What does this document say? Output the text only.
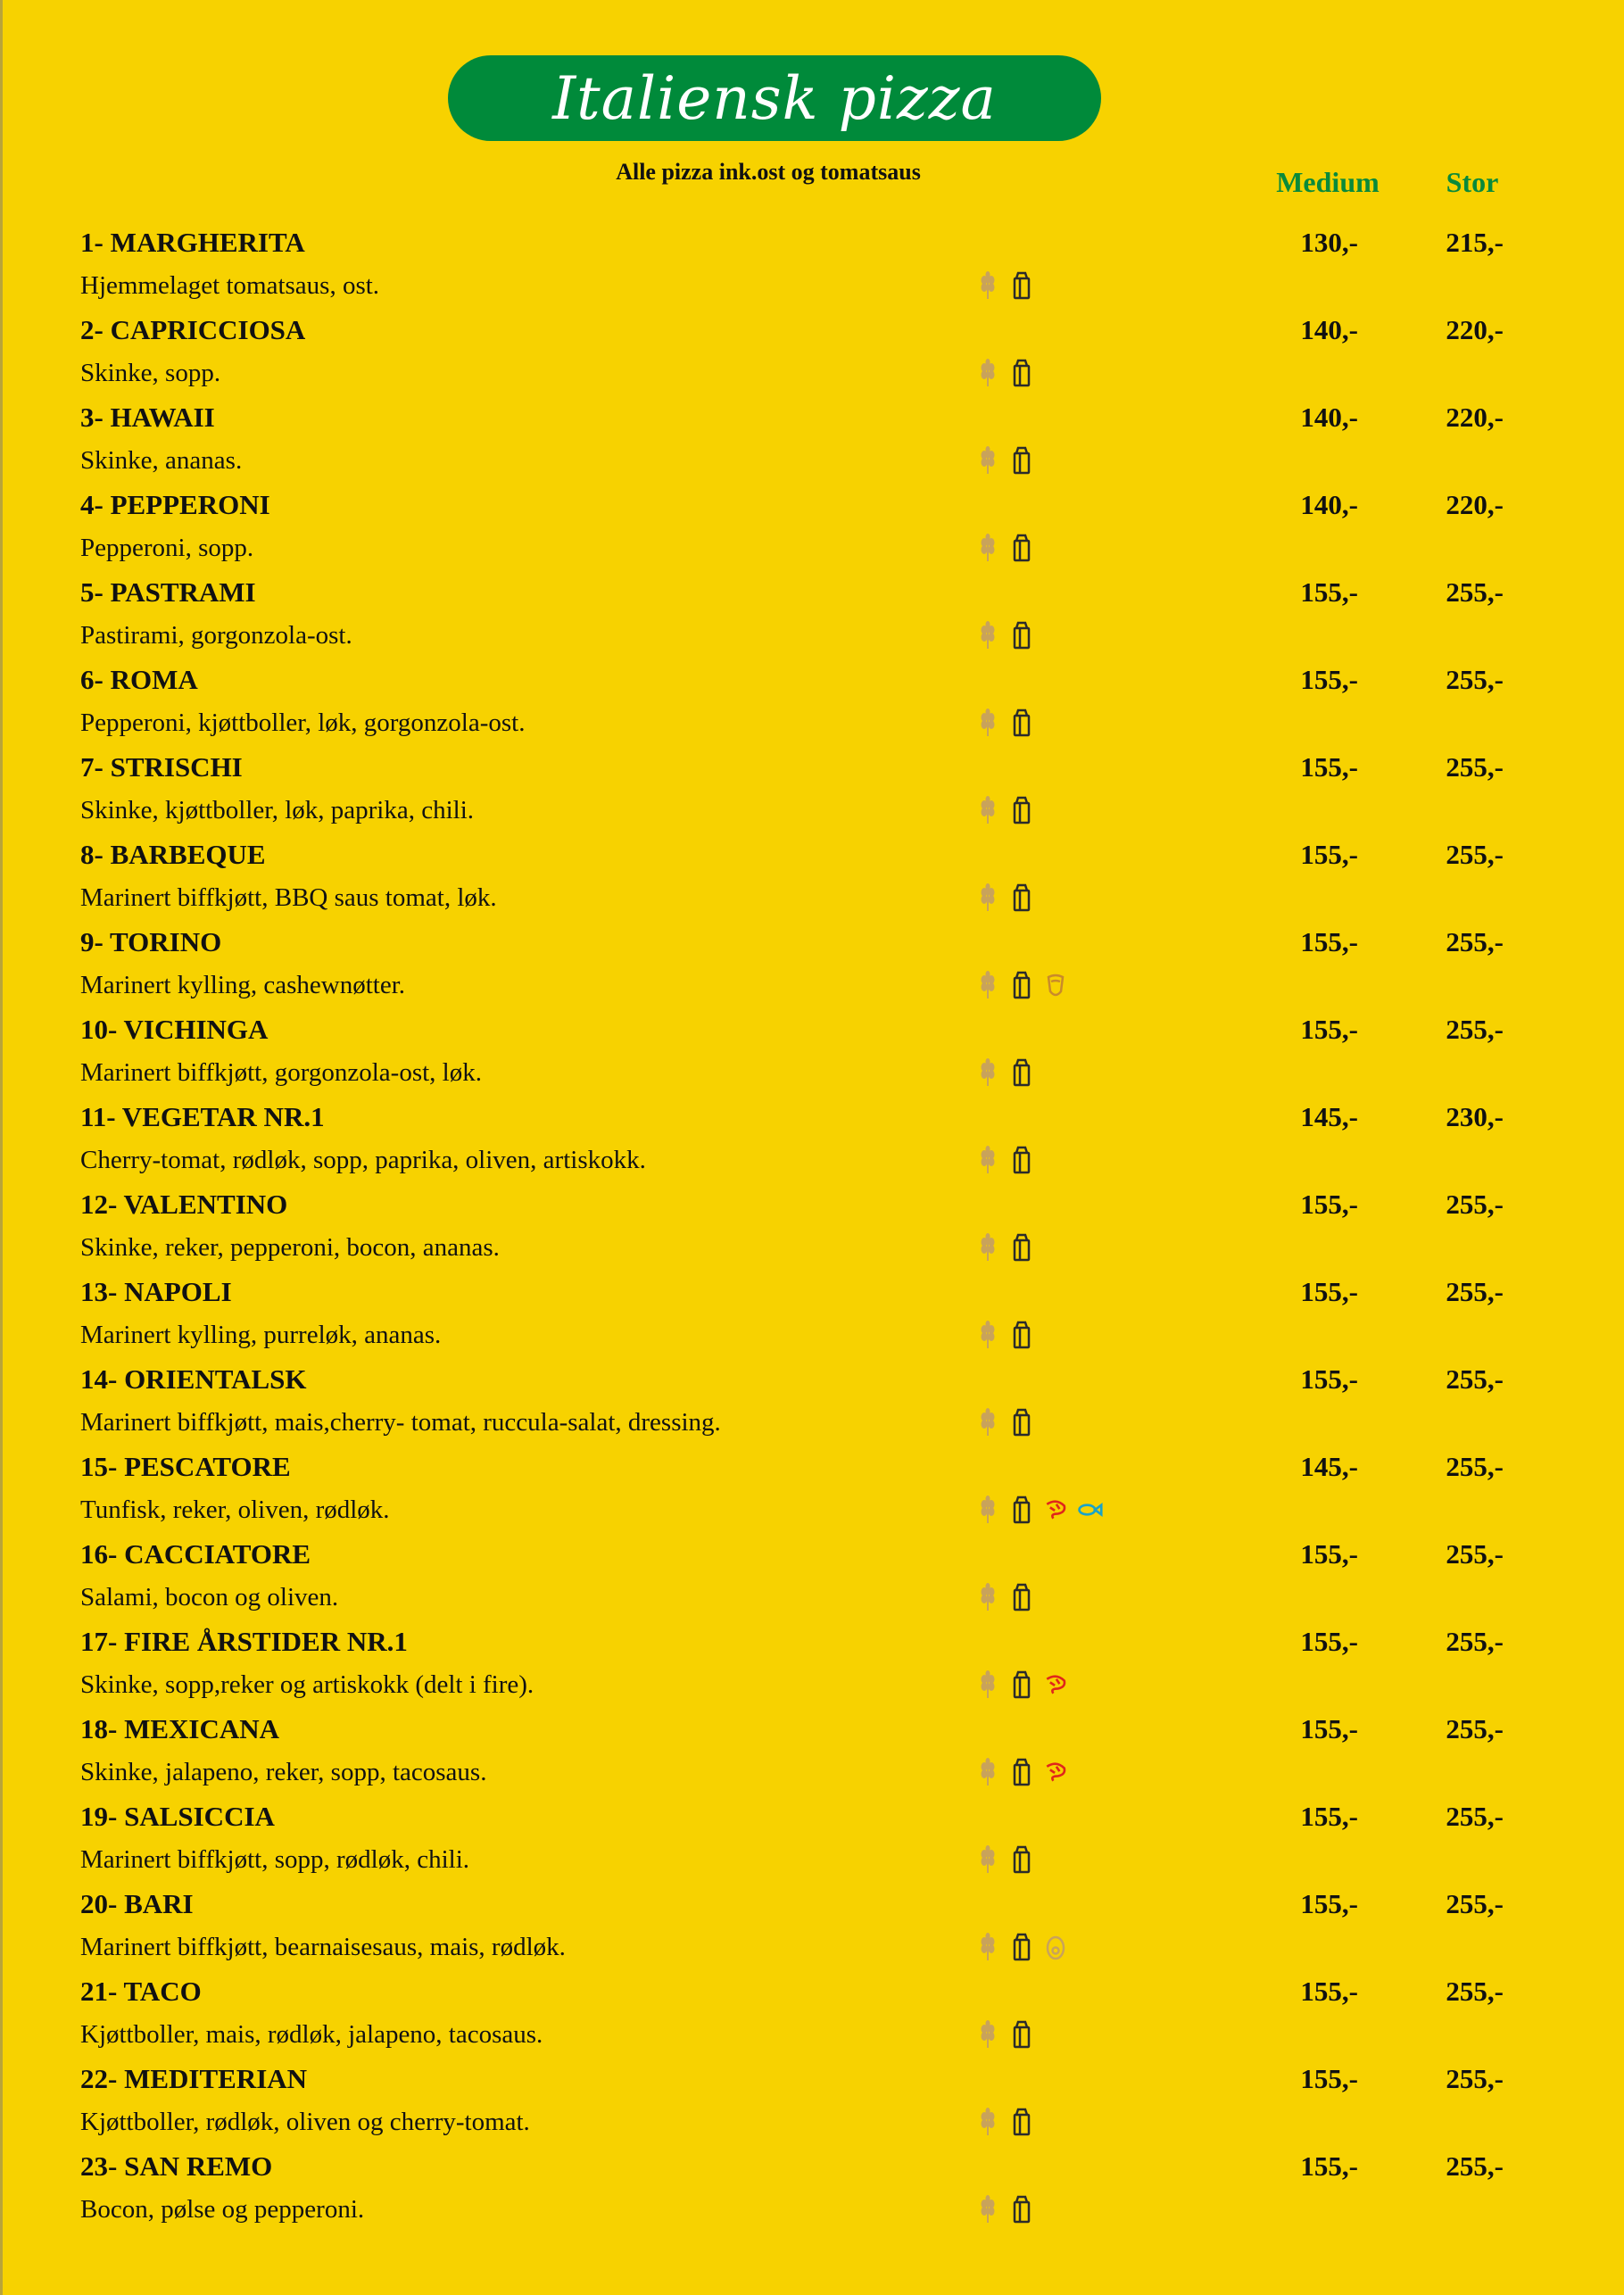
Italiensk pizza
Alle pizza ink.ost og tomatsaus	Medium	Stor
1- MARGHERITA
Hjemmelaget tomatsaus, ost.
130,-	215,-
2- CAPRICCIOSA
Skinke, sopp.
140,-	220,-
3- HAWAII
Skinke, ananas.
140,-	220,-
4- PEPPERONI
Pepperoni, sopp.
140,-	220,-
5- PASTRAMI
Pastirami, gorgonzola-ost.
155,-	255,-
6- ROMA
Pepperoni, kjøttboller, løk, gorgonzola-ost.
155,-	255,-
7- STRISCHI
Skinke, kjøttboller, løk, paprika, chili.
155,-	255,-
8- BARBEQUE
Marinert biffkjøtt, BBQ saus tomat, løk.
155,-	255,-
9- TORINO
Marinert kylling, cashewnøtter.
155,-	255,-
10- VICHINGA
Marinert biffkjøtt, gorgonzola-ost, løk.
155,-	255,-
11- VEGETAR NR.1
Cherry-tomat, rødløk, sopp, paprika, oliven, artiskokk.
145,-	230,-
12- VALENTINO
Skinke, reker, pepperoni, bocon, ananas.
155,-	255,-
13- NAPOLI
Marinert kylling, purreløk, ananas.
155,-	255,-
14- ORIENTALSK
Marinert biffkjøtt, mais,cherry- tomat, ruccula-salat, dressing.
155,-	255,-
15- PESCATORE
Tunfisk, reker, oliven, rødløk.
145,-	255,-
16- CACCIATORE
Salami, bocon og oliven.
155,-	255,-
17- FIRE ÅRSTIDER NR.1
Skinke, sopp,reker og artiskokk (delt i fire).
155,-	255,-
18- MEXICANA
Skinke, jalapeno, reker, sopp, tacosaus.
155,-	255,-
19- SALSICCIA
Marinert biffkjøtt, sopp, rødløk, chili.
155,-	255,-
20- BARI
Marinert biffkjøtt, bearnaisesaus, mais, rødløk.
155,-	255,-
21- TACO
Kjøttboller, mais, rødløk, jalapeno, tacosaus.
155,-	255,-
22- MEDITERIAN
Kjøttboller, rødløk, oliven og cherry-tomat.
155,-	255,-
23- SAN REMO
Bocon, pølse og pepperoni.
155,-	255,-
